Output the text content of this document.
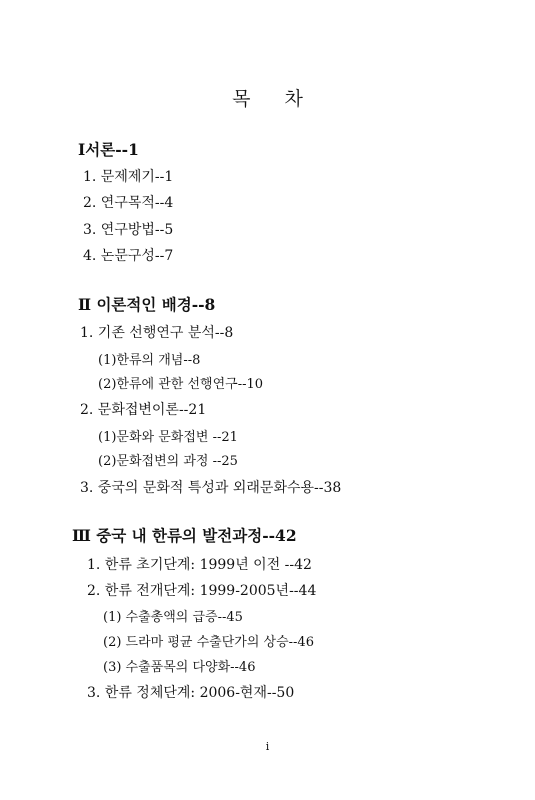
목 차
Ⅰ서론--1
1. 문제제기--1
2. 연구목적--4
3. 연구방법--5
4. 논문구성--7
Ⅱ 이론적인 배경--8
1. 기존 선행연구 분석--8
(1)한류의 개념--8
(2)한류에 관한 선행연구--10
2. 문화접변이론--21
(1)문화와 문화접변 --21
(2)문화접변의 과정 --25
3. 중국의 문화적 특성과 외래문화수용--38
Ⅲ 중국 내 한류의 발전과정--42
1. 한류 초기단계: 1999년 이전 --42
2. 한류 전개단계: 1999-2005년--44
(1) 수출총액의 급증--45
(2) 드라마 평균 수출단가의 상승--46
(3) 수출품목의 다양화--46
3. 한류 정체단계: 2006-현재--50
i
